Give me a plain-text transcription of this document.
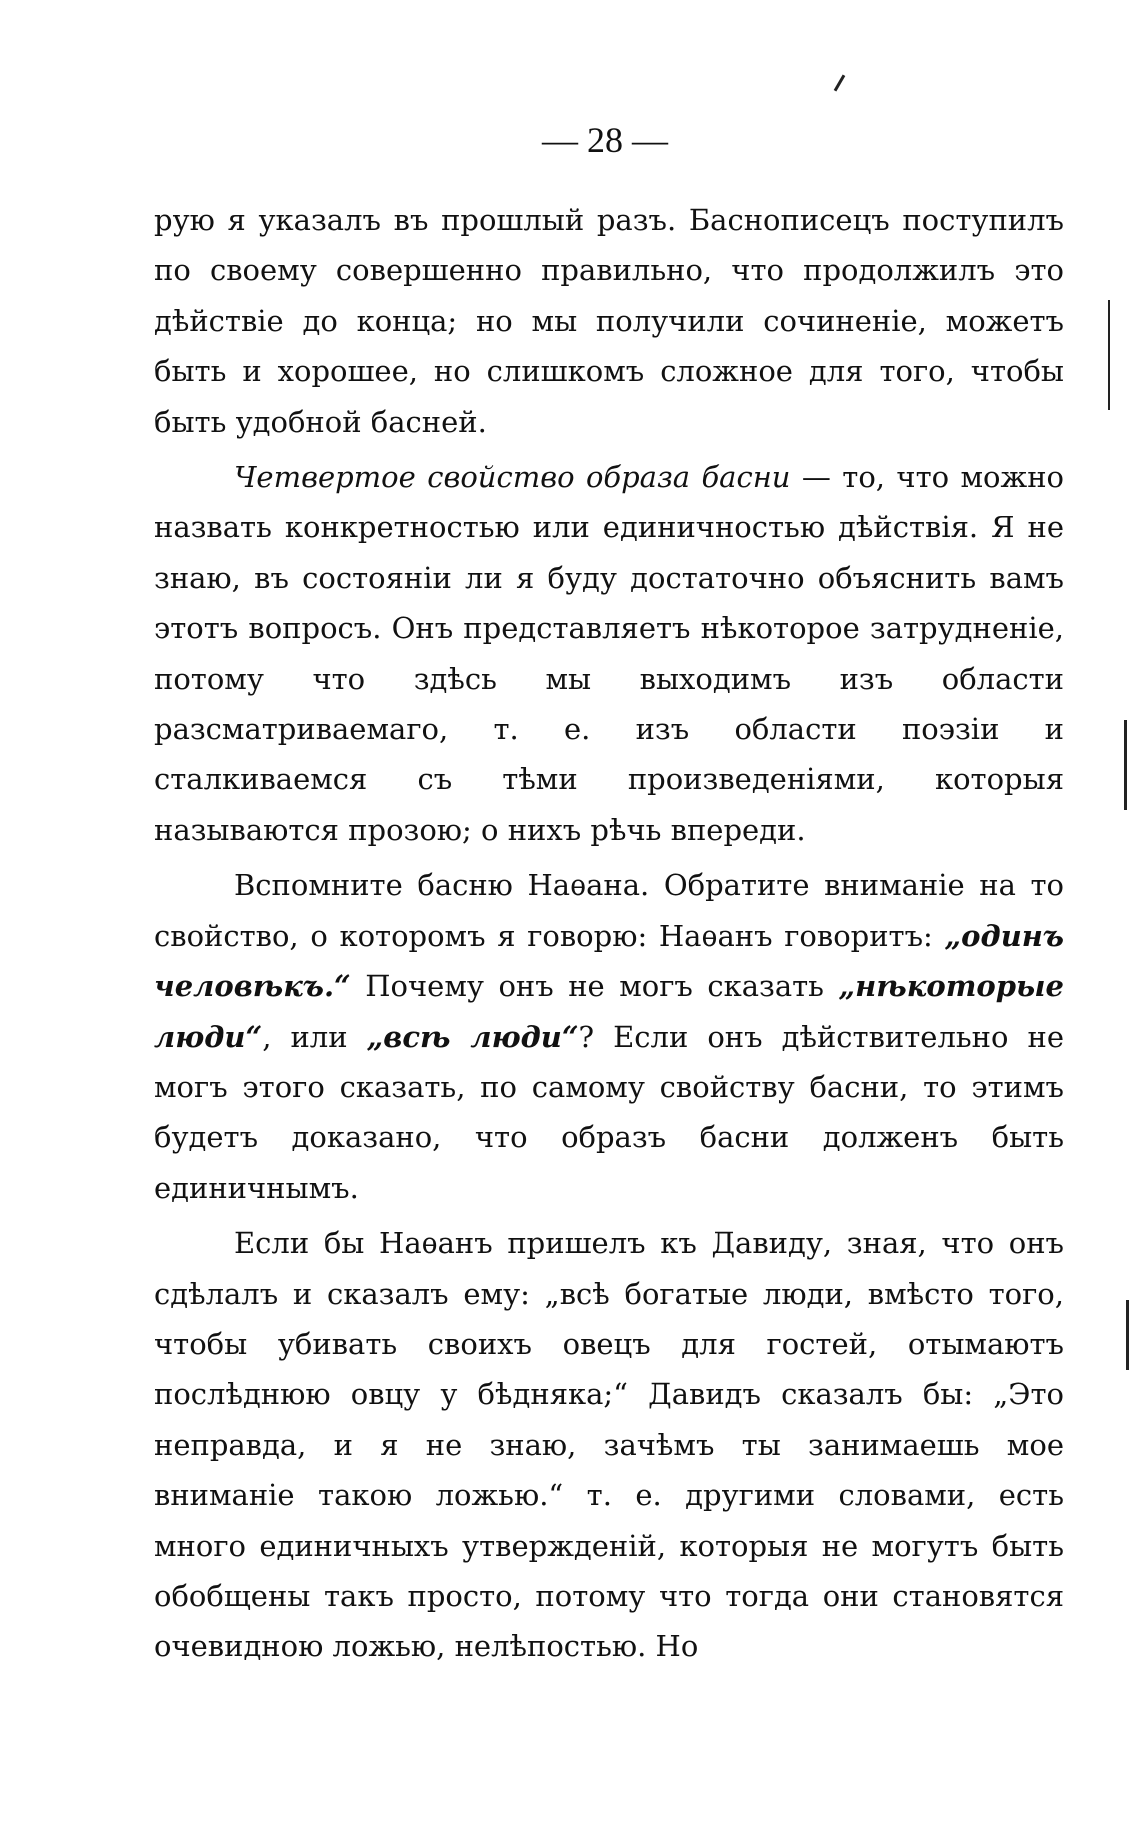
— 28 —

рую я указалъ въ прошлый разъ. Баснописецъ поступилъ по своему совершенно правильно, что продолжилъ это дѣйствіе до конца; но мы получили сочиненіе, можетъ быть и хорошее, но слишкомъ сложное для того, чтобы быть удобной басней.

Четвертое свойство образа басни — то, что можно назвать конкретностью или единичностью дѣйствія. Я не знаю, въ состояніи ли я буду достаточно объяснить вамъ этотъ вопросъ. Онъ представляетъ нѣкоторое затрудненіе, потому что здѣсь мы выходимъ изъ области разсматриваемаго, т. е. изъ области поэзіи и сталкиваемся съ тѣми произведеніями, которыя называются прозою; о нихъ рѣчь впереди.

Вспомните басню Наѳана. Обратите вниманіе на то свойство, о которомъ я говорю: Наѳанъ говоритъ: „одинъ человѣкъ.“ Почему онъ не могъ сказать „нѣкоторые люди“, или „всѣ люди“? Если онъ дѣйствительно не могъ этого сказать, по самому свойству басни, то этимъ будетъ доказано, что образъ басни долженъ быть единичнымъ.

Если бы Наѳанъ пришелъ къ Давиду, зная, что онъ сдѣлалъ и сказалъ ему: „всѣ богатые люди, вмѣсто того, чтобы убивать своихъ овецъ для гостей, отымаютъ послѣднюю овцу у бѣдняка;“ Давидъ сказалъ бы: „Это неправда, и я не знаю, зачѣмъ ты занимаешь мое вниманіе такою ложью.“ т. е. другими словами, есть много единичныхъ утвержденій, которыя не могутъ быть обобщены такъ просто, потому что тогда они становятся очевидною ложью, нелѣпостью. Но
